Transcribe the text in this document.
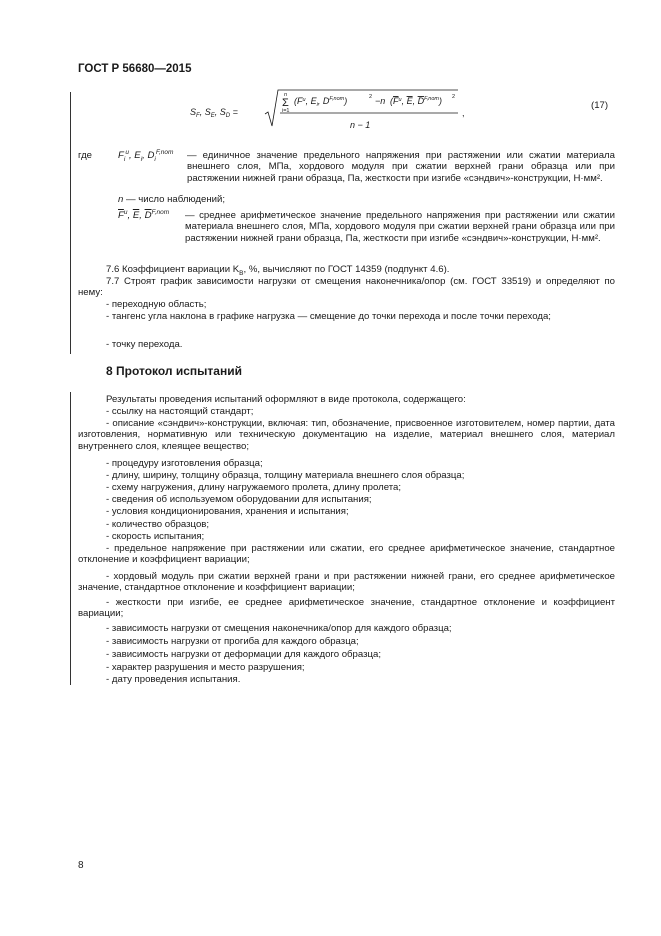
ГОСТ Р 56680—2015
$S_F$, $S_E$, $S_D$ =
Σ
n
i=1
($F^u$, $E_i$, $D^{F,nom}$)	2 −n ($F^u$, E, $D^{F,nom}$) 2
n − 1
,
(17)
где	$F_i^u$, $E_i$, $D_i^{F,nom}$ — единичное значение предельного напряжения при растяжении или сжатии материала внешнего слоя, МПа, хордового модуля при сжатии верхней грани образца или при растяжении нижней грани образца, Па, жесткости при изгибе «сэндвич»-конструкции, Н·мм².
n — число наблюдений;
$\overline{F}^u$, $\overline{E}$, $\overline{D}^{F,nom}$ — среднее арифметическое значение предельного напряжения при растяжении или сжатии материала внешнего слоя, МПа, хордового модуля при сжатии верхней грани образца или при растяжении нижней грани образца, Па, жесткости при изгибе «сэндвич»-конструкции, Н·мм².
7.6 Коэффициент вариации $K_В$, %, вычисляют по ГОСТ 14359 (подпункт 4.6).
7.7 Строят график зависимости нагрузки от смещения наконечника/опор (см. ГОСТ 33519) и определяют по нему:
- переходную область;
- тангенс угла наклона в графике нагрузка — смещение до точки перехода и после точки перехода;
- точку перехода.
8 Протокол испытаний
Результаты проведения испытаний оформляют в виде протокола, содержащего:
- ссылку на настоящий стандарт;
- описание «сэндвич»-конструкции, включая: тип, обозначение, присвоенное изготовителем, номер партии, дата изготовления, нормативную или техническую документацию на изделие, материал внешнего слоя, материал внутреннего слоя, клеящее вещество;
- процедуру изготовления образца;
- длину, ширину, толщину образца, толщину материала внешнего слоя образца;
- схему нагружения, длину нагружаемого пролета, длину пролета;
- сведения об используемом оборудовании для испытания;
- условия кондиционирования, хранения и испытания;
- количество образцов;
- скорость испытания;
- предельное напряжение при растяжении или сжатии, его среднее арифметическое значение, стандартное отклонение и коэффициент вариации;
- хордовый модуль при сжатии верхней грани и при растяжении нижней грани, его среднее арифметическое значение, стандартное отклонение и коэффициент вариации;
- жесткости при изгибе, ее среднее арифметическое значение, стандартное отклонение и коэффициент вариации;
- зависимость нагрузки от смещения наконечника/опор для каждого образца;
- зависимость нагрузки от прогиба для каждого образца;
- зависимость нагрузки от деформации для каждого образца;
- характер разрушения и место разрушения;
- дату проведения испытания.
8
